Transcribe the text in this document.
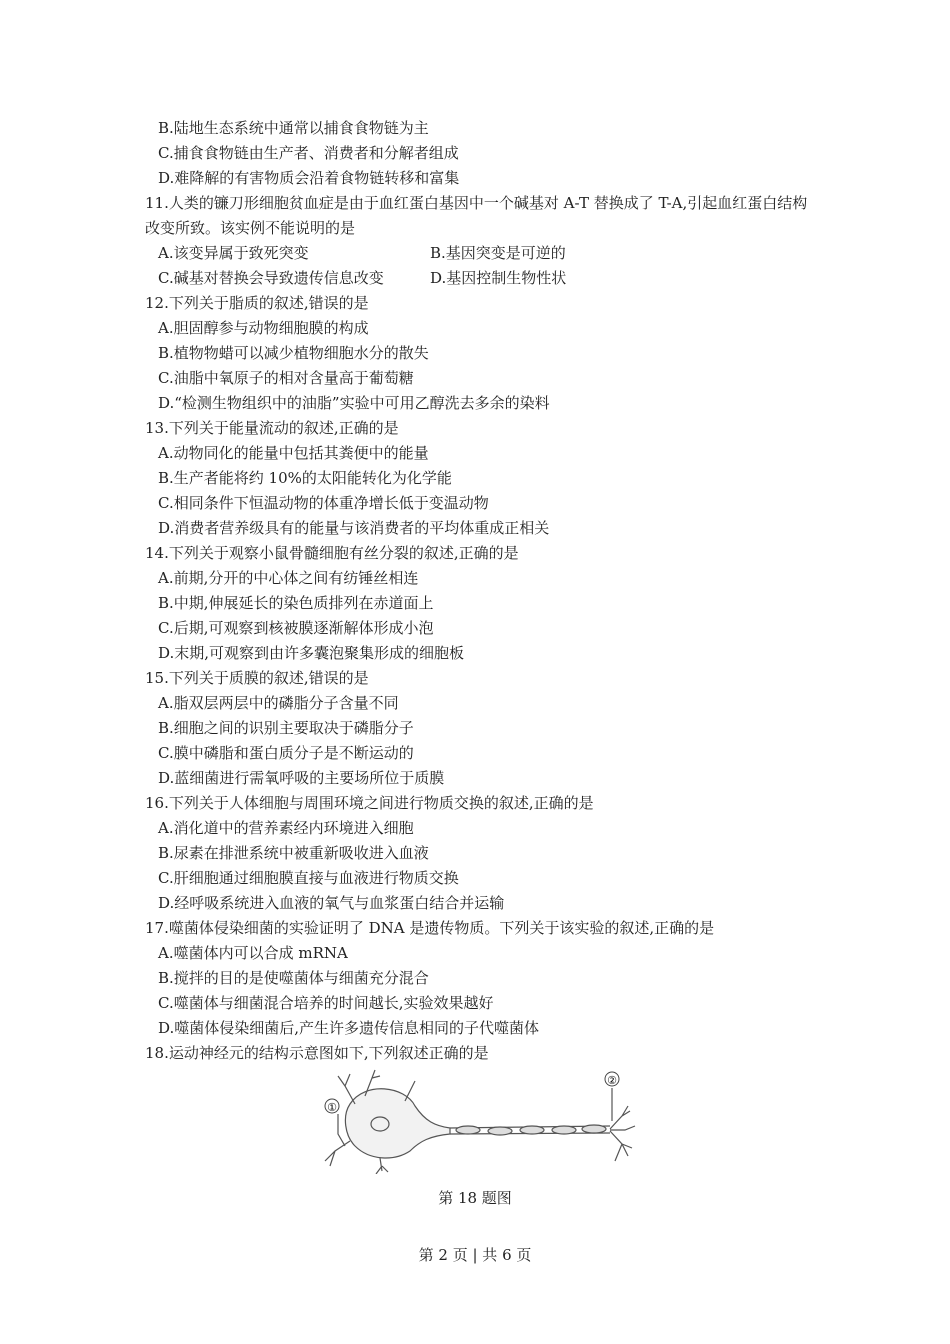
B.陆地生态系统中通常以捕食食物链为主
C.捕食食物链由生产者、消费者和分解者组成
D.难降解的有害物质会沿着食物链转移和富集
11.人类的镰刀形细胞贫血症是由于血红蛋白基因中一个碱基对 A-T 替换成了 T-A,引起血红蛋白结构改变所致。该实例不能说明的是
A.该变异属于致死突变	B.基因突变是可逆的
C.碱基对替换会导致遗传信息改变	D.基因控制生物性状
12.下列关于脂质的叙述,错误的是
A.胆固醇参与动物细胞膜的构成
B.植物物蜡可以减少植物细胞水分的散失
C.油脂中氧原子的相对含量高于葡萄糖
D.“检测生物组织中的油脂”实验中可用乙醇洗去多余的染料
13.下列关于能量流动的叙述,正确的是
A.动物同化的能量中包括其粪便中的能量
B.生产者能将约 10%的太阳能转化为化学能
C.相同条件下恒温动物的体重净增长低于变温动物
D.消费者营养级具有的能量与该消费者的平均体重成正相关
14.下列关于观察小鼠骨髓细胞有丝分裂的叙述,正确的是
A.前期,分开的中心体之间有纺锤丝相连
B.中期,伸展延长的染色质排列在赤道面上
C.后期,可观察到核被膜逐渐解体形成小泡
D.末期,可观察到由许多囊泡聚集形成的细胞板
15.下列关于质膜的叙述,错误的是
A.脂双层两层中的磷脂分子含量不同
B.细胞之间的识别主要取决于磷脂分子
C.膜中磷脂和蛋白质分子是不断运动的
D.蓝细菌进行需氧呼吸的主要场所位于质膜
16.下列关于人体细胞与周围环境之间进行物质交换的叙述,正确的是
A.消化道中的营养素经内环境进入细胞
B.尿素在排泄系统中被重新吸收进入血液
C.肝细胞通过细胞膜直接与血液进行物质交换
D.经呼吸系统进入血液的氧气与血浆蛋白结合并运输
17.噬菌体侵染细菌的实验证明了 DNA 是遗传物质。下列关于该实验的叙述,正确的是
A.噬菌体内可以合成 mRNA
B.搅拌的目的是使噬菌体与细菌充分混合
C.噬菌体与细菌混合培养的时间越长,实验效果越好
D.噬菌体侵染细菌后,产生许多遗传信息相同的子代噬菌体
18.运动神经元的结构示意图如下,下列叙述正确的是
①
②
第 18 题图
第 2 页 | 共 6 页
